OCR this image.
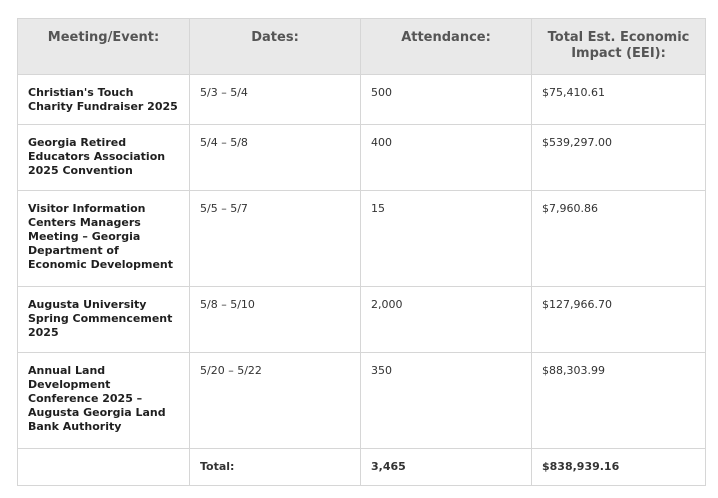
Meeting/Event:	Dates:	Attendance:	Total Est. Economic Impact (EEI):
Christian's Touch Charity Fundraiser 2025	5/3 – 5/4	500	$75,410.61
Georgia Retired Educators Association 2025 Convention	5/4 – 5/8	400	$539,297.00
Visitor Information Centers Managers Meeting – Georgia Department of Economic Development	5/5 – 5/7	15	$7,960.86
Augusta University Spring Commencement 2025	5/8 – 5/10	2,000	$127,966.70
Annual Land Development Conference 2025 – Augusta Georgia Land Bank Authority	5/20 – 5/22	350	$88,303.99
	Total:	3,465	$838,939.16
